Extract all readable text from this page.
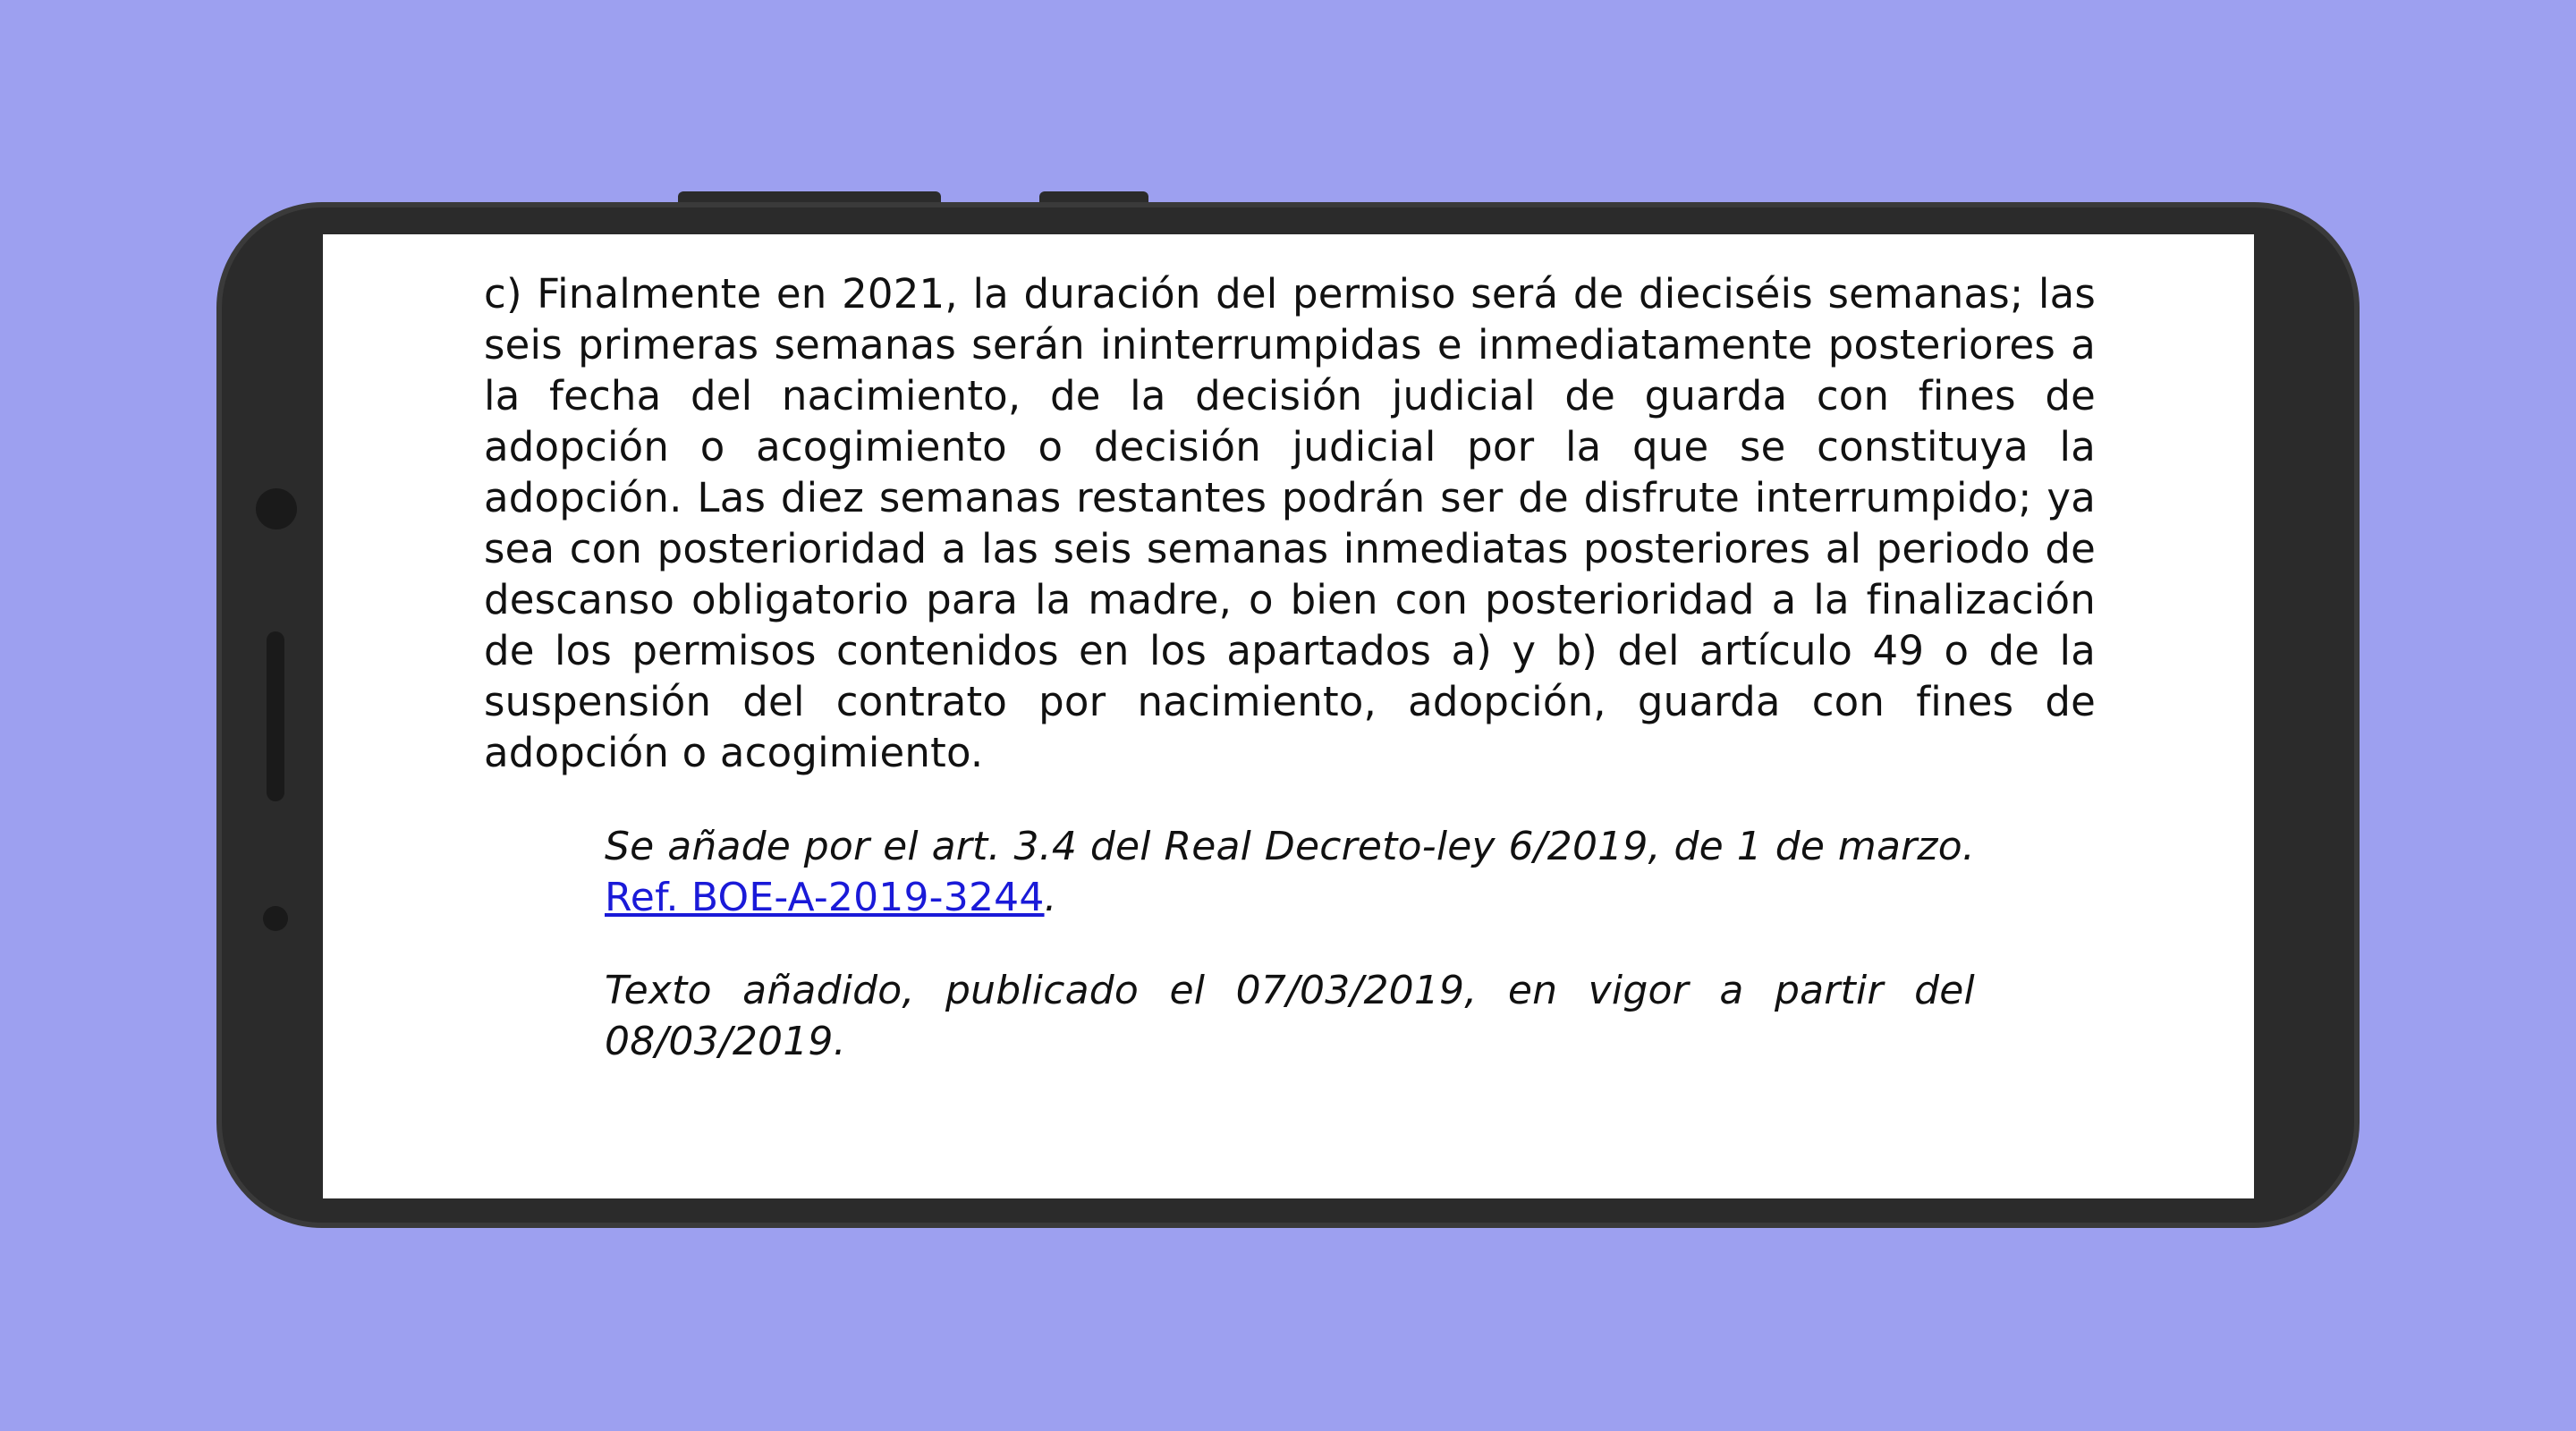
c) Finalmente en 2021, la duración del permiso será de dieciséis semanas; las seis primeras semanas serán ininterrumpidas e inmediatamente posteriores a la fecha del nacimiento, de la decisión judicial de guarda con fines de adopción o acogimiento o decisión judicial por la que se constituya la adopción. Las diez semanas restantes podrán ser de disfrute interrumpido; ya sea con posterioridad a las seis semanas inmediatas posteriores al periodo de descanso obligatorio para la madre, o bien con posterioridad a la finalización de los permisos contenidos en los apartados a) y b) del artículo 49 o de la suspensión del contrato por nacimiento, adopción, guarda con fines de adopción o acogimiento.

Se añade por el art. 3.4 del Real Decreto-ley 6/2019, de 1 de marzo. Ref. BOE-A-2019-3244.

Texto añadido, publicado el 07/03/2019, en vigor a partir del 08/03/2019.
